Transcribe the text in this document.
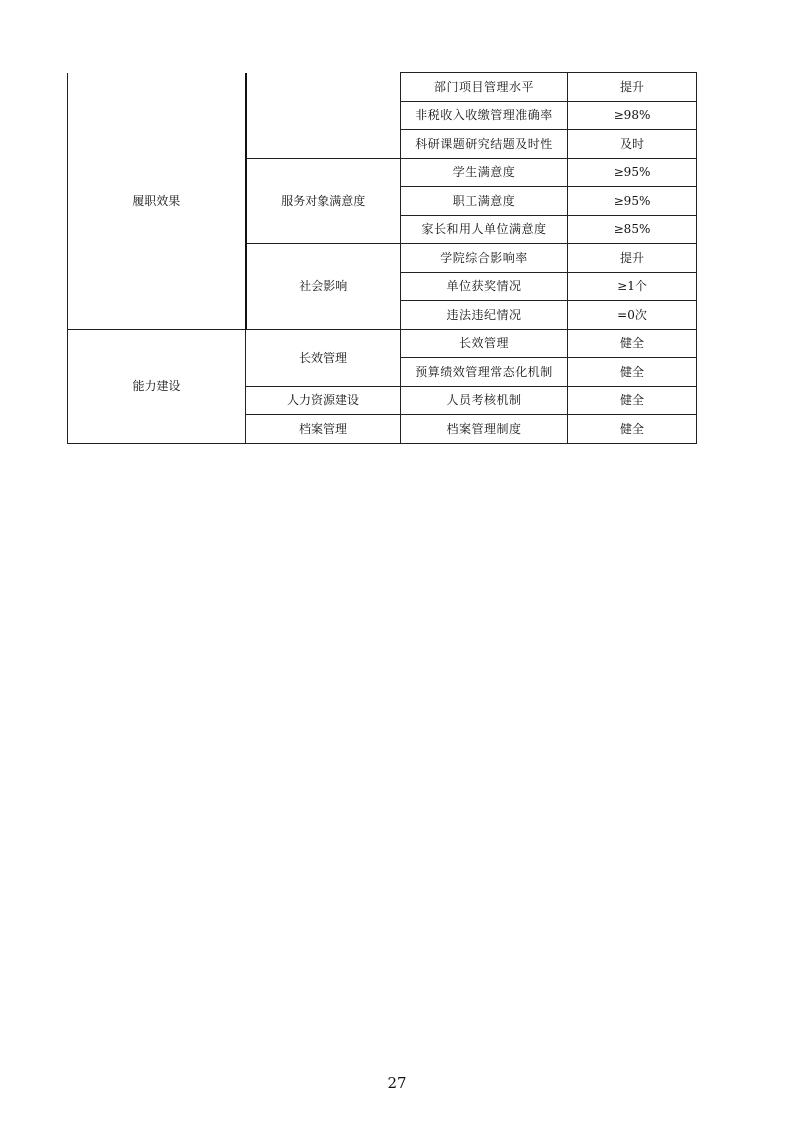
履职效果		部门项目管理水平	提升
		非税收入收缴管理准确率	≥98%
		科研课题研究结题及时性	及时
	服务对象满意度	学生满意度	≥95%
		职工满意度	≥95%
		家长和用人单位满意度	≥85%
	社会影响	学院综合影响率	提升
		单位获奖情况	≥1个
		违法违纪情况	=0次
能力建设	长效管理	长效管理	健全
		预算绩效管理常态化机制	健全
	人力资源建设	人员考核机制	健全
	档案管理	档案管理制度	健全
27
